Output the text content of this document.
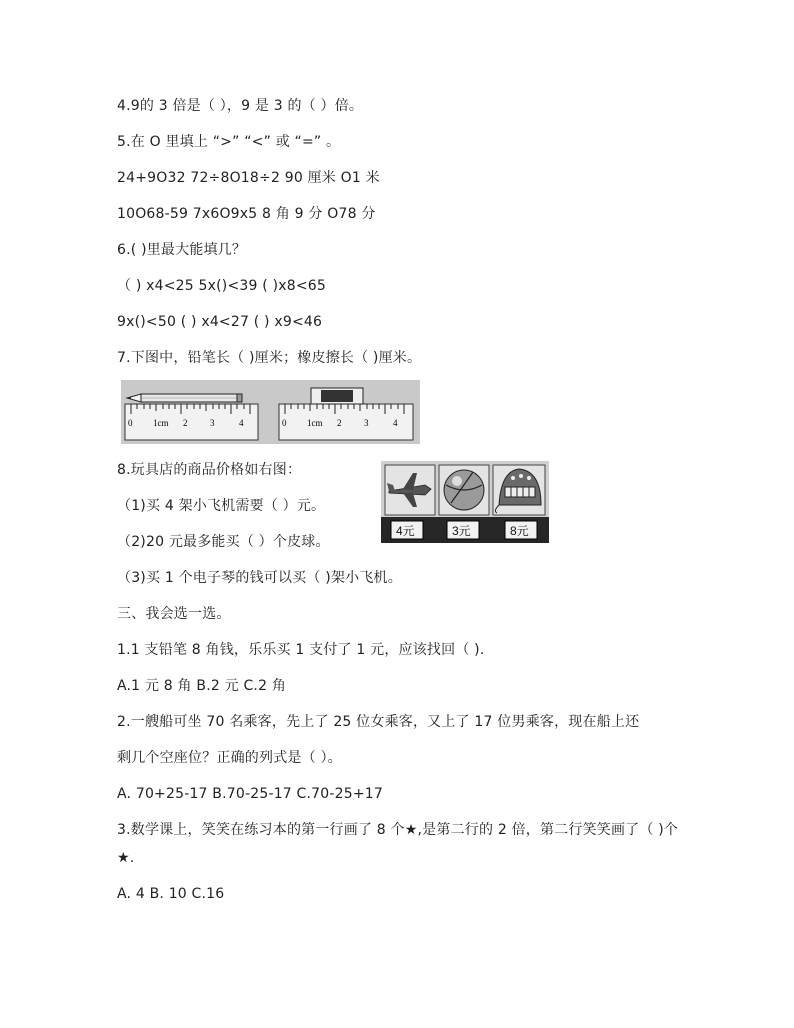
4.9的 3 倍是（ ），9 是 3 的（ ）倍。
5.在 O 里填上 “>” “<” 或 “=” 。
24+9O32 72÷8O18÷2 90 厘米 O1 米
10O68-59 7x6O9x5 8 角 9 分 O78 分
6.( )里最大能填几？
（ ) x4<25 5x()<39 ( )x8<65
9x()<50 ( ) x4<27 ( ) x9<46
7.下图中，铅笔长（ )厘米；橡皮擦长（ )厘米。
0 1cm 2	3	4	0 1cm 2	3	4
8.玩具店的商品价格如右图：
（1)买 4 架小飞机需要（ ）元。
（2)20 元最多能买（ ）个皮球。
4元	3元	8元
（3)买 1 个电子琴的钱可以买（ )架小飞机。
三、我会选一选。
1.1 支铅笔 8 角钱，乐乐买 1 支付了 1 元，应该找回（ ).
A.1 元 8 角 B.2 元 C.2 角
2.一艘船可坐 70 名乘客，先上了 25 位女乘客，又上了 17 位男乘客，现在船上还
剩几个空座位？正确的列式是（ ）。
A. 70+25-17 B.70-25-17 C.70-25+17
3.数学课上，笑笑在练习本的第一行画了 8 个★,是第二行的 2 倍，第二行笑笑画了（ )个
★.
A. 4 B. 10 C.16
